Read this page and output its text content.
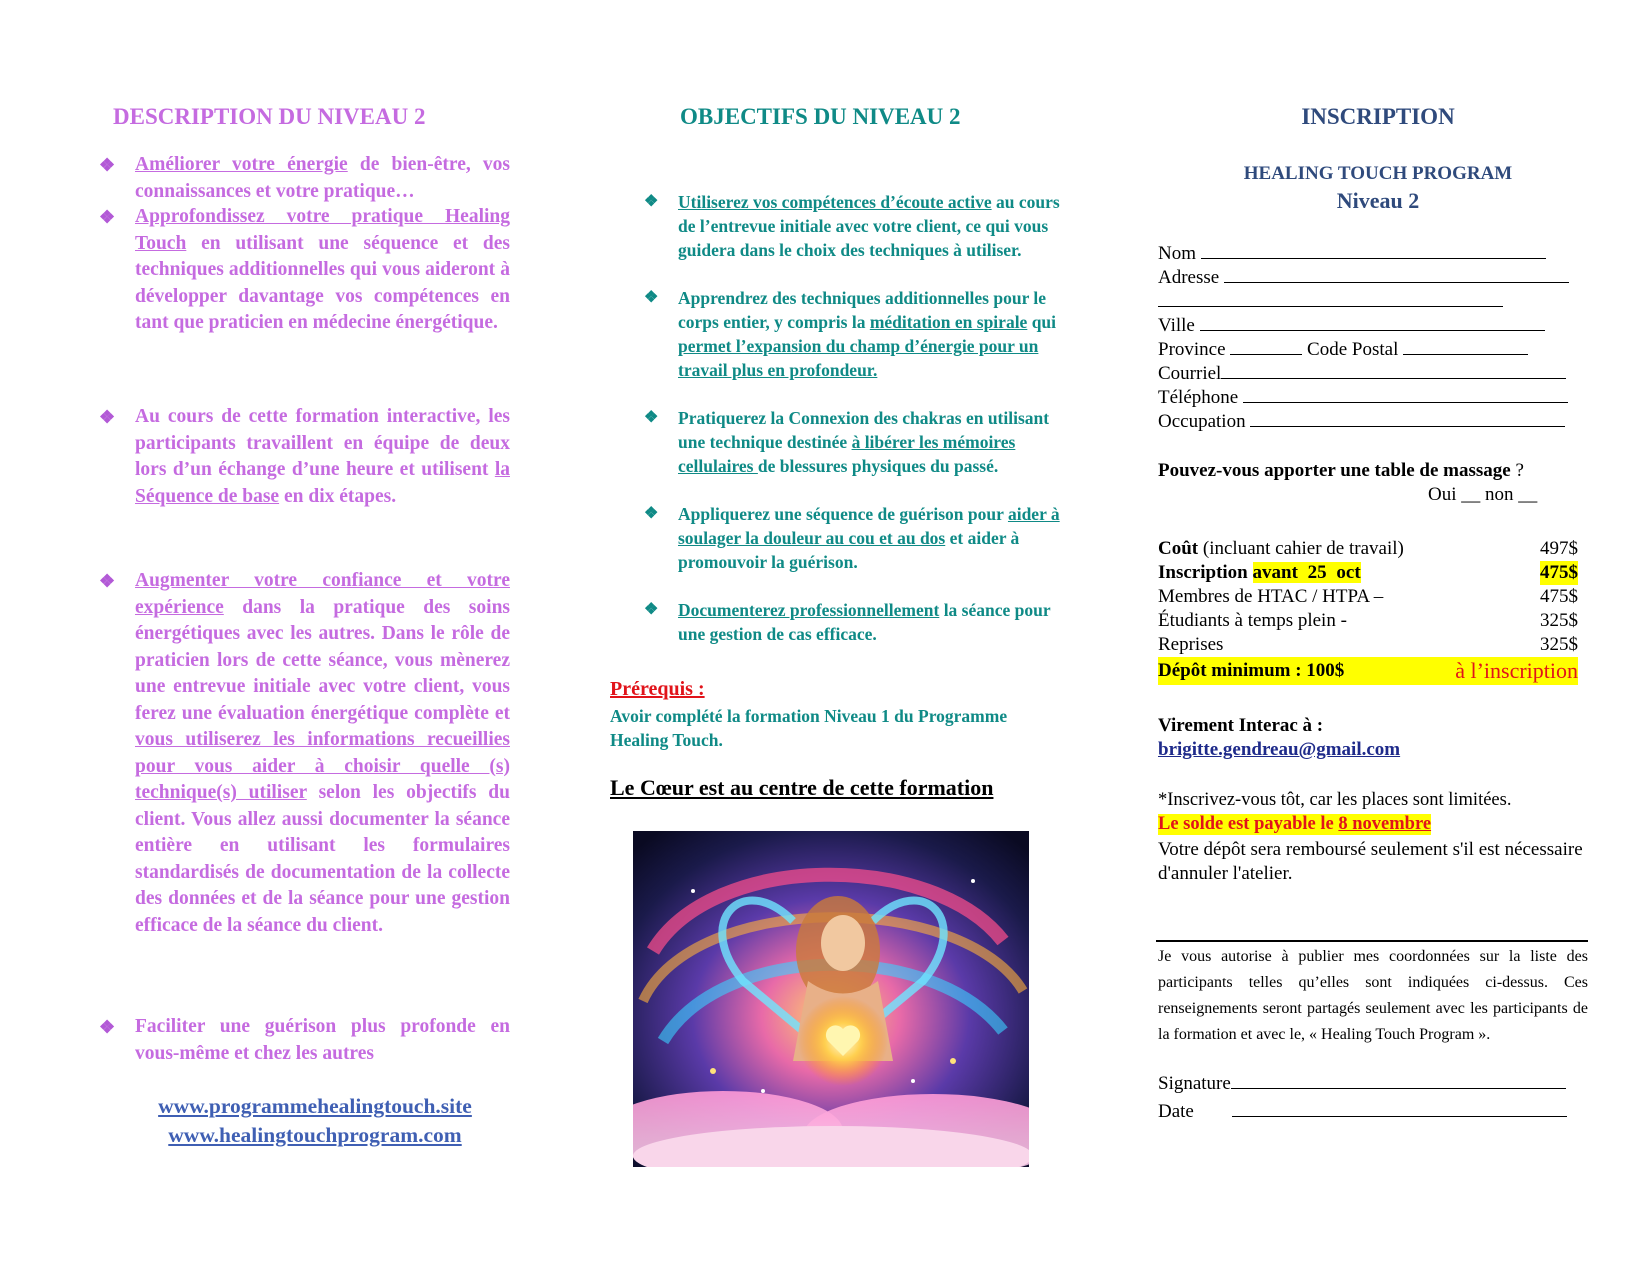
DESCRIPTION DU NIVEAU 2
❖ Améliorer votre énergie de bien-être, vos connaissances et votre pratique…
❖ Approfondissez votre pratique Healing Touch en utilisant une séquence et des techniques additionnelles qui vous aideront à développer davantage vos compétences en tant que praticien en médecine énergétique.
❖ Au cours de cette formation interactive, les participants travaillent en équipe de deux lors d’un échange d’une heure et utilisent la Séquence de base en dix étapes.
❖ Augmenter votre confiance et votre expérience dans la pratique des soins énergétiques avec les autres. Dans le rôle de praticien lors de cette séance, vous mènerez une entrevue initiale avec votre client, vous ferez une évaluation énergétique complète et vous utiliserez les informations recueillies pour vous aider à choisir quelle (s) technique(s) utiliser selon les objectifs du client. Vous allez aussi documenter la séance entière en utilisant les formulaires standardisés de documentation de la collecte des données et de la séance pour une gestion efficace de la séance du client.
❖ Faciliter une guérison plus profonde en vous-même et chez les autres
www.programmehealingtouch.site
www.healingtouchprogram.com
OBJECTIFS DU NIVEAU 2
❖ Utiliserez vos compétences d’écoute active au cours de l’entrevue initiale avec votre client, ce qui vous guidera dans le choix des techniques à utiliser.
❖ Apprendrez des techniques additionnelles pour le corps entier, y compris la méditation en spirale qui permet l’expansion du champ d’énergie pour un travail plus en profondeur.
❖ Pratiquerez la Connexion des chakras en utilisant une technique destinée à libérer les mémoires cellulaires de blessures physiques du passé.
❖ Appliquerez une séquence de guérison pour aider à soulager la douleur au cou et au dos et aider à promouvoir la guérison.
❖ Documenterez professionnellement la séance pour une gestion de cas efficace.
Préreq​uis :
Avoir complété la formation Niveau 1 du Programme Healing Touch.
Le Cœur est au centre de cette formation
INSCRIPTION
HEALING TOUCH PROGRAM
Niveau 2
Nom
Adresse
Ville
Province	Code Postal
Courriel
Téléphone
Occupation
Pouvez-vous apporter une table de massage ?
Oui __ non __
Coût (incluant cahier de travail)	497$
Inscription avant 25 oct	475$
Membres de HTAC / HTPA –	475$
Étudiants à temps plein -	325$
Reprises	325$
Dépôt minimum : 100$	à l’inscription
Virement Interac à :
brigitte.gendreau@gmail.com
*Inscrivez-vous tôt, car les places sont limitées.
Le solde est payable le 8 novembre
Votre dépôt sera remboursé seulement s'il est nécessaire d'annuler l'atelier.
Je vous autorise à publier mes coordonnées sur la liste des participants telles qu’elles sont indiquées ci-dessus. Ces renseignements seront partagés seulement avec les participants de la formation et avec le, « Healing Touch Program ».
Signature
Date
